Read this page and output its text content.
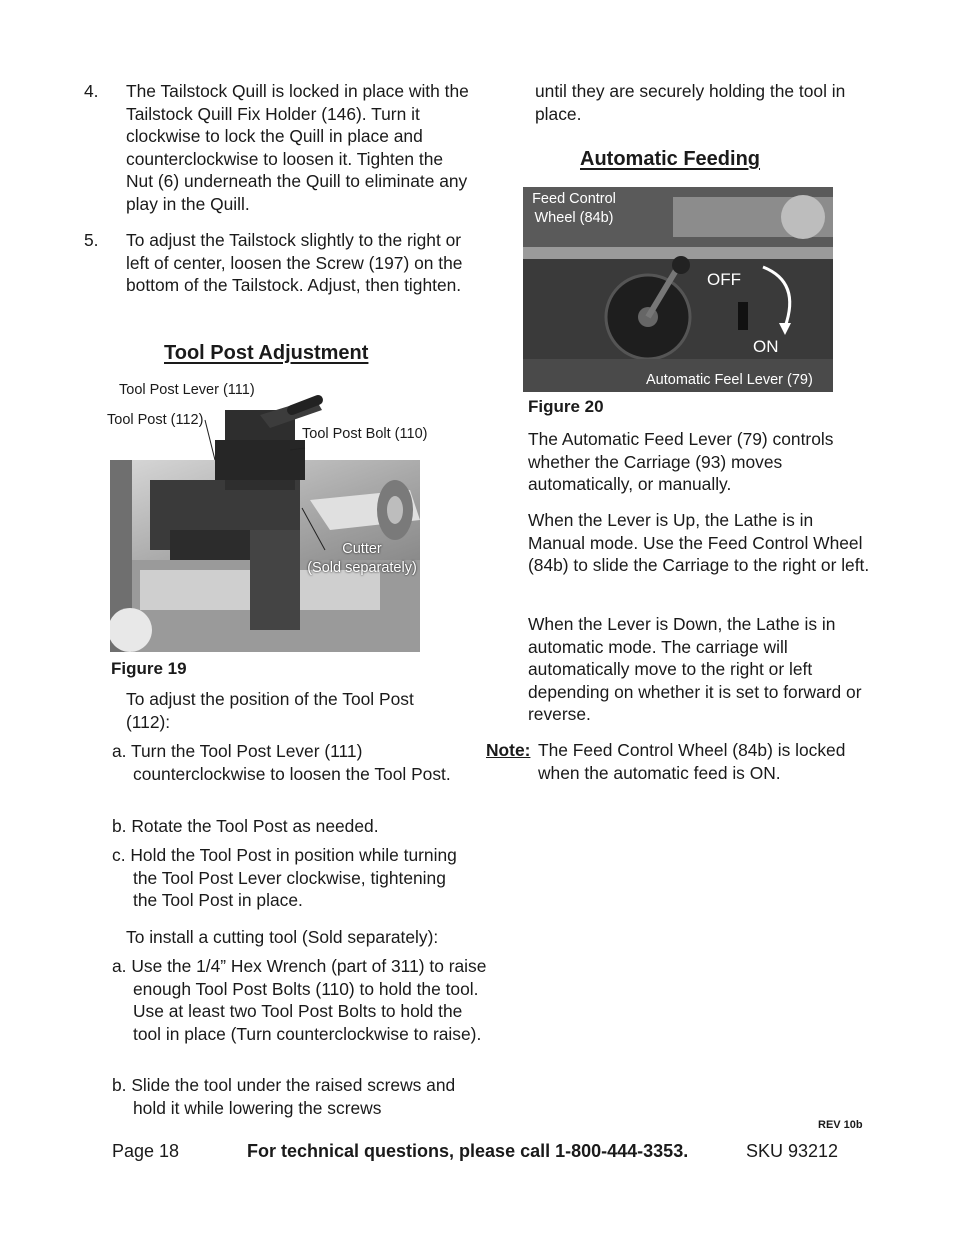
4. The Tailstock Quill is locked in place with the Tailstock Quill Fix Holder (146). Turn it clockwise to lock the Quill in place and counterclockwise to loosen it. Tighten the Nut (6) underneath the Quill to eliminate any play in the Quill.

5. To adjust the Tailstock slightly to the right or left of center, loosen the Screw (197) on the bottom of the Tailstock. Adjust, then tighten.

Tool Post Adjustment
Tool Post Lever (111)
Tool Post (112)
Tool Post Bolt (110)
Cutter
(Sold separately)
Figure 19

To adjust the position of the Tool Post (112):

a. Turn the Tool Post Lever (111) counterclockwise to loosen the Tool Post.

b. Rotate the Tool Post as needed.

c. Hold the Tool Post in position while turning the Tool Post Lever clockwise, tightening the Tool Post in place.

To install a cutting tool (Sold separately):

a. Use the 1/4” Hex Wrench (part of 311) to raise enough Tool Post Bolts (110) to hold the tool. Use at least two Tool Post Bolts to hold the tool in place (Turn counterclockwise to raise).

b. Slide the tool under the raised screws and hold it while lowering the screws

until they are securely holding the tool in place.

Automatic Feeding
Feed Control
Wheel (84b)
OFF
ON
Automatic Feel Lever (79)
Figure 20

The Automatic Feed Lever (79) controls whether the Carriage (93) moves automatically, or manually.

When the Lever is Up, the Lathe is in Manual mode. Use the Feed Control Wheel (84b) to slide the Carriage to the right or left.

When the Lever is Down, the Lathe is in automatic mode. The carriage will automatically move to the right or left depending on whether it is set to forward or reverse.

Note: The Feed Control Wheel (84b) is locked when the automatic feed is ON.

REV 10b
Page 18	For technical questions, please call 1-800-444-3353.	SKU 93212
